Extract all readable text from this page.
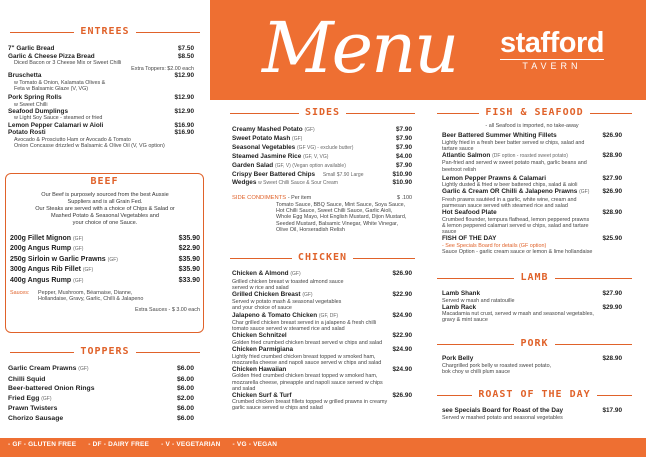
Menu stafford
TAVERN
- GF - GLUTEN FREE - DF - DAIRY FREE - V - VEGETARIAN - VG - VEGAN
ENTREES
7" Garlic Bread	$7.50
Garlic & Cheese Pizza Bread	$8.50
Diced Bacon or 3 Cheese Mix or Sweet Chilli
Extra Toppers: $2.00 each
Bruschetta	$12.90
w Tomato & Onion, Kalamata Olives &
Feta w Balsamic Glaze (V, VG)
Pork Spring Rolls	$12.90
w Sweet Chilli
Seafood Dumplings	$12.90
w Light Soy Sauce - steamed or fried
Lemon Pepper Calamari w Aioli	$16.90
Potato Rosti	$16.90
Avocado & Prosciutto Ham or Avocado & Tomato
Onion Concasse drizzled w Balsamic & Olive Oil (V, VG option)
BEEF
Our Beef is purposely sourced from the best Aussie
Suppliers and is all Grain Fed.
Our Steaks are served with a choice of Chips & Salad or
Mashed Potato & Seasonal Vegetables and
your choice of one Sauce.
200g Fillet Mignon (GF)	$35.90
200g Angus Rump (GF)	$22.90
250g Sirloin w Garlic Prawns (GF)	$35.90
300g Angus Rib Fillet (GF)	$35.90
400g Angus Rump (GF)	$33.90
Sauces:	Pepper, Mushroom, Béarnaise, Dianne,
Hollandaise, Gravy, Garlic, Chilli & Jalapeno
Extra Sauces - $ 3.00 each
TOPPERS
Garlic Cream Prawns (GF)	$6.00
Chilli Squid	$6.00
Beer-battered Onion Rings	$6.00
Fried Egg (GF)	$2.00
Prawn Twisters	$6.00
Chorizo Sausage	$6.00
SIDES
Creamy Mashed Potato (GF)	$7.90
Sweet Potato Mash (GF)	$7.90
Seasonal Vegetables (GF VG) - exclude butter)	$7.90
Steamed Jasmine Rice (GF, V, VG)	$4.00
Garden Salad (GF, V) (Vegan option available)	$7.90
Crispy Beer Battered Chips Small $7.90 Large	$10.90
Wedges w Sweet Chilli Sauce & Sour Cream	$10.90
SIDE CONDIMENTS - Per item	$ .100
Tomato Sauce, BBQ Sauce, Mint Sauce, Soya Sauce,
Hot Chilli Sauce, Sweet Chilli Sauce, Garlic Aioli,
Whole Egg Mayo, Hot English Mustard, Dijon Mustard,
Seeded Mustard, Balsamic Vinegar, White Vinegar,
Olive Oil, Horseradish Relish
CHICKEN
Chicken & Almond (GF)	$26.90
Grilled chicken breast w toasted almond sauce
served w rice and salad
Grilled Chicken Breast (GF)	$22.90
Served w potato mash & seasonal vegetables
and your choice of sauce
Jalapeno & Tomato Chicken (GF, DF)	$24.90
Char grilled chicken breast served in a jalapeno & fresh chilli
tomato sauce served w steamed rice and salad
Chicken Schnitzel	$22.90
Golden fried crumbed chicken breast served w chips and salad
Chicken Parmigiana	$24.90
Lightly fried crumbed chicken breast topped w smoked ham,
mozzarella cheese and napoli sauce served w chips and salad
Chicken Hawaiian	$24.90
Golden fried crumbed chicken breast topped w smoked ham,
mozzarella cheese, pineapple and napoli sauce served w chips
and salad
Chicken Surf & Turf	$26.90
Crumbed chicken breast fillets topped w grilled prawns in creamy
garlic sauce served w chips and salad
FISH & SEAFOOD
- all Seafood is imported, no take-away
Beer Battered Summer Whiting Fillets	$26.90
Lightly fried in a fresh beer batter served w chips, salad and
tartare sauce
Atlantic Salmon (DF option - roasted sweet potato)	$28.90
Pan-fried and served w sweet potato mash, garlic beans and
beetroot relish
Lemon Pepper Prawns & Calamari	$27.90
Lightly dusted & fried w beer battered chips, salad & aioli
Garlic & Cream OR Chilli & Jalapeno Prawns (GF) $26.90
Fresh prawns sautéed in a garlic, white wine, cream and
parmesan sauce served with steamed rice and salad
Hot Seafood Plate	$28.90
Crumbed flounder, tempura flathead, lemon peppered prawns
& lemon peppered calamari served w chips, salad and tartare
sauce
FISH OF THE DAY	$25.90
- See Specials Board for details (GF option)
Sauce Option - garlic cream sauce or lemon & lime hollandaise
LAMB
Lamb Shank	$27.90
Served w mash and ratatouille
Lamb Rack	$29.90
Macadamia nut crust, served w mash and seasonal vegetables,
gravy & mint sauce
PORK
Pork Belly	$28.90
Chargrilled pork belly w roasted sweet potato,
bok choy w chilli plum sauce
ROAST OF THE DAY
see Specials Board for Roast of the Day	$17.90
Served w mashed potato and seasonal vegetables
